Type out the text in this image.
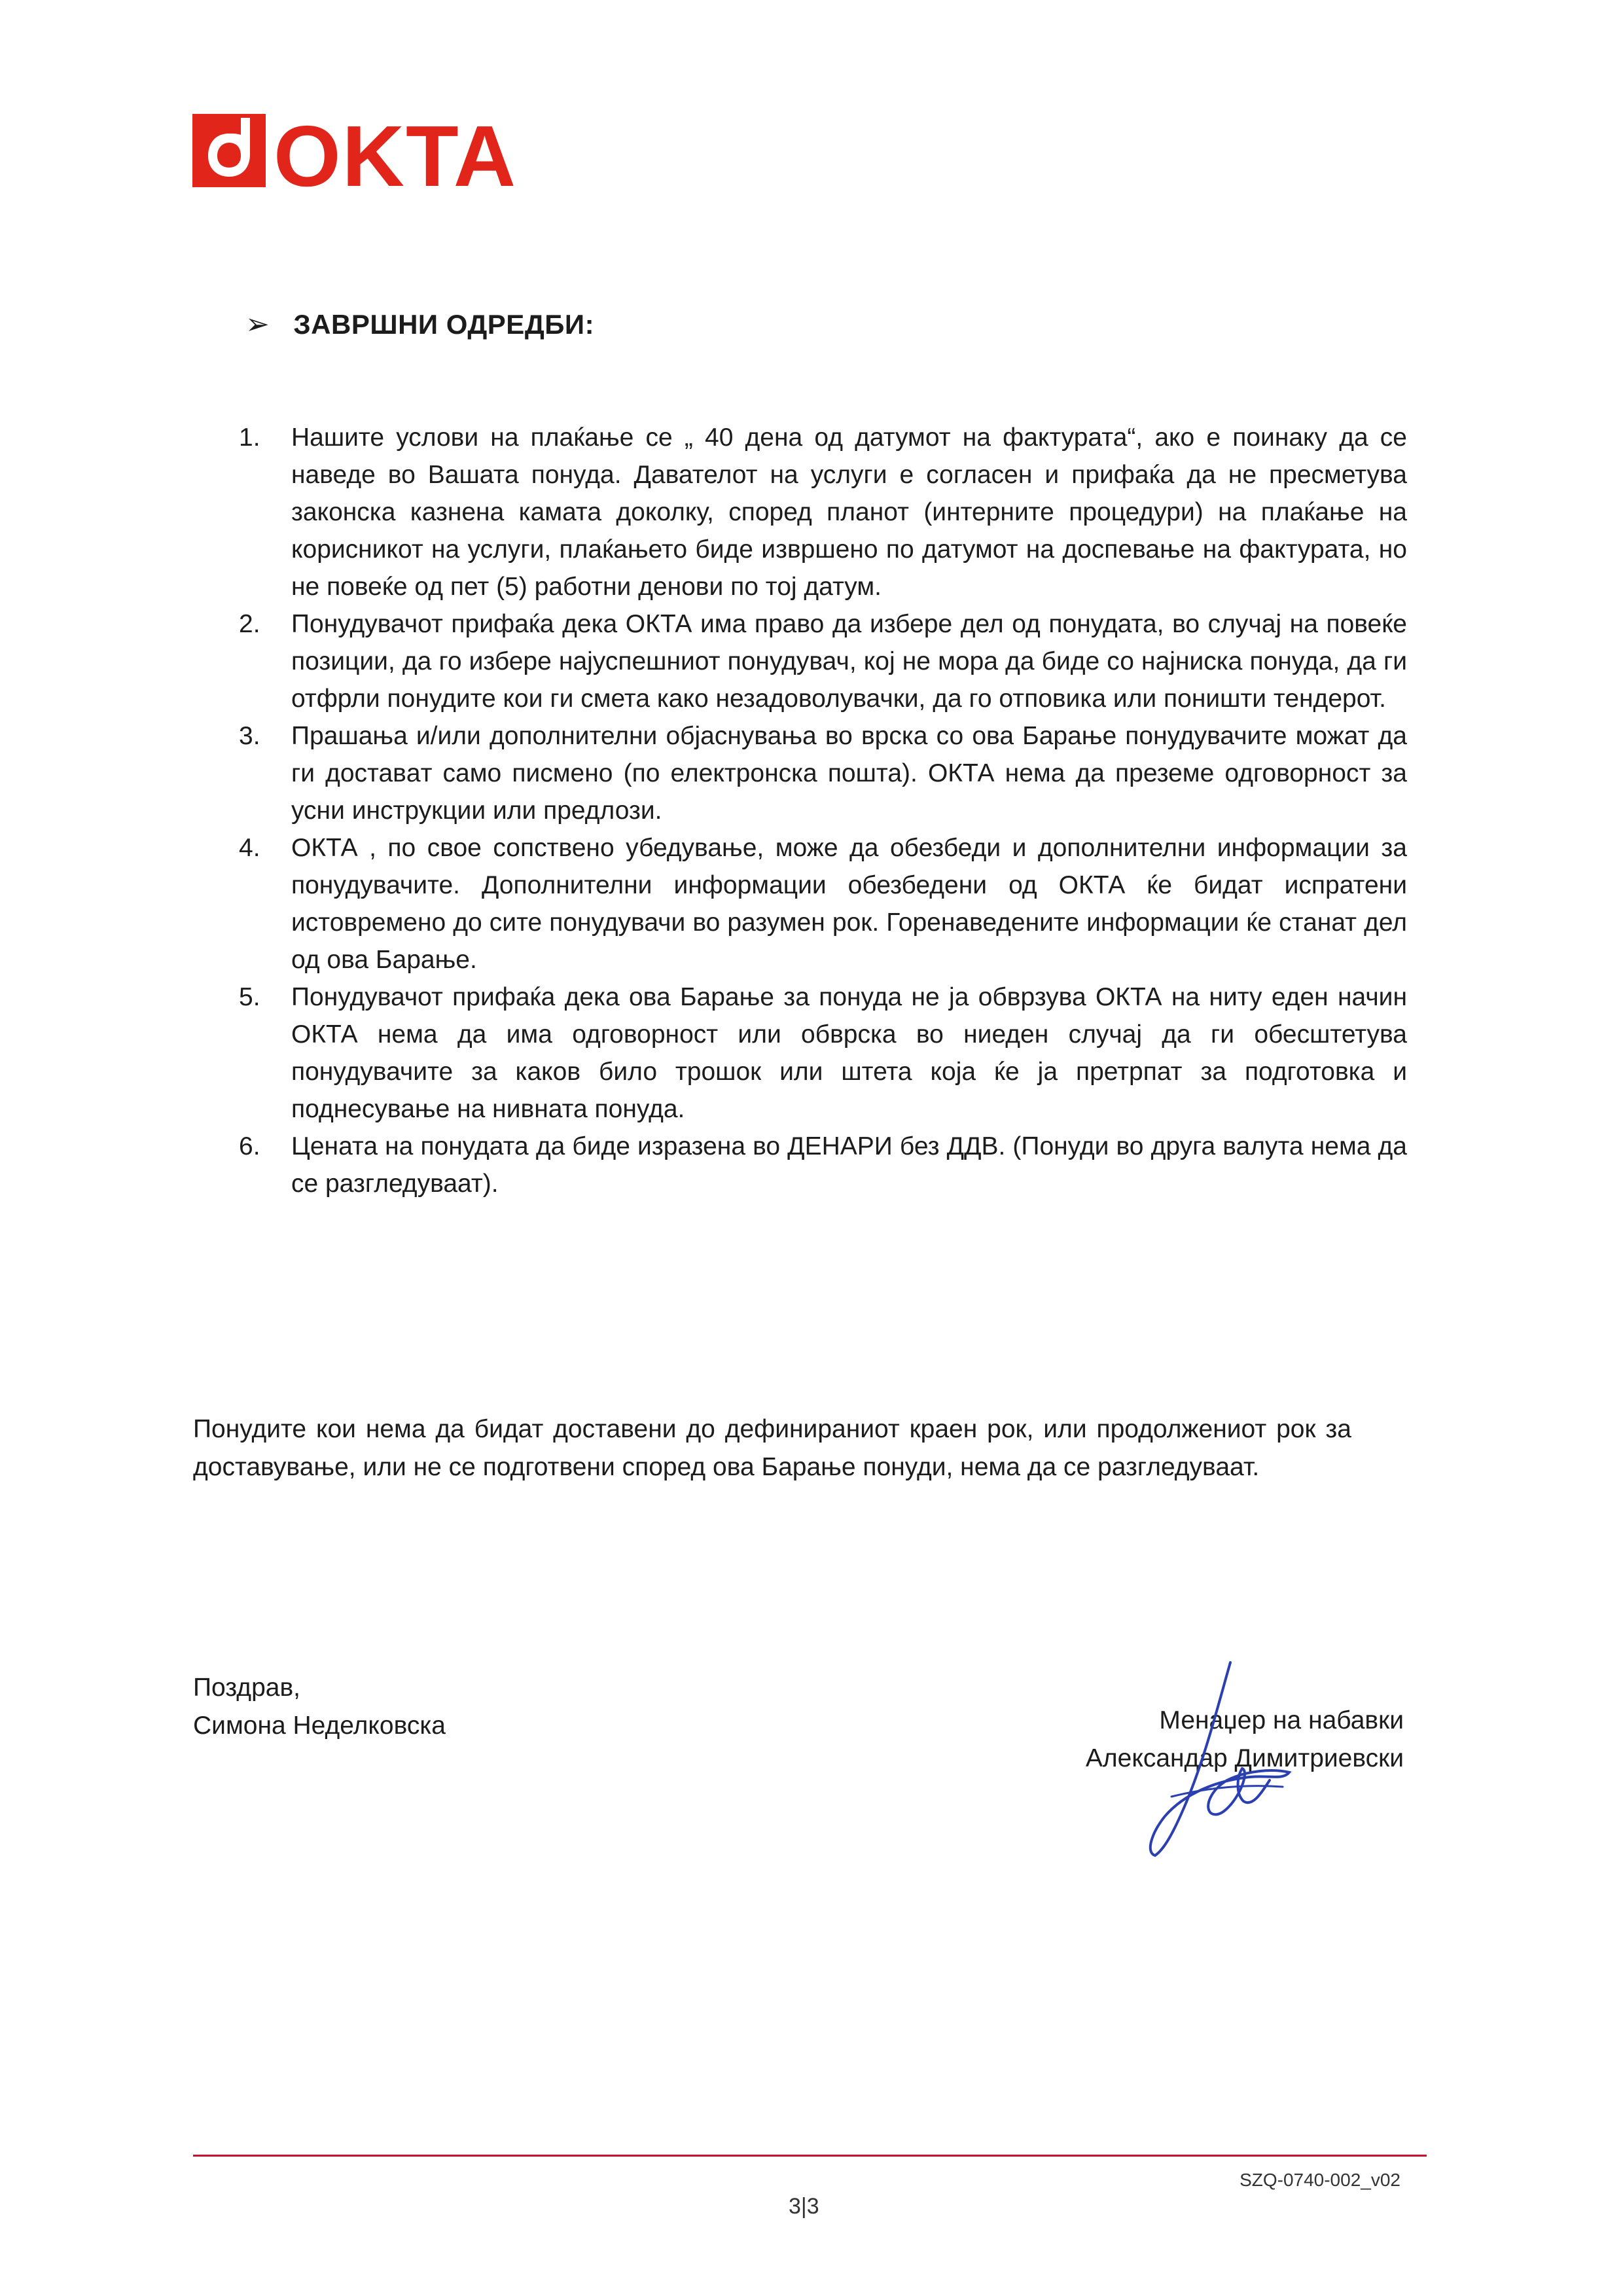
OKTA
➢ ЗАВРШНИ ОДРЕДБИ:
1. Нашите услови на плаќање се „ 40 дена од датумот на фактурата“, ако е поинаку да се наведе во Вашата понуда. Давателот на услуги е согласен и прифаќа да не пресметува законска казнена камата доколку, според планот (интерните процедури) на плаќање на корисникот на услуги, плаќањето биде извршено по датумот на доспевање на фактурата, но не повеќе од пет (5) работни денови по тој датум.
2. Понудувачот прифаќа дека ОКТА има право да избере дел од понудата, во случај на повеќе позиции, да го избере најуспешниот понудувач, кој не мора да биде со најниска понуда, да ги отфрли понудите кои ги смета како незадоволувачки, да го отповика или поништи тендерот.
3. Прашања и/или дополнителни објаснувања во врска со ова Барање понудувачите можат да ги доставaт само писмено (по електронска пошта). ОКТА нема да преземе одговорност за усни инструкции или предлози.
4. ОКТА , по свое сопствено убедување, може да обезбеди и дополнителни информации за понудувачите. Дополнителни информации обезбедени од ОКТА ќе бидат испратени истовремено до сите понудувачи во разумен рок. Горенаведените информации ќе станат дел од ова Барање.
5. Понудувачот прифаќа дека ова Барање за понуда не ја обврзува ОКТА на ниту еден начин ОКТА нема да има одговорност или обврска во ниеден случај да ги обесштетува понудувачите за каков било трошок или штета која ќе ја претрпат за подготовка и поднесување на нивната понуда.
6. Цената на понудата да биде изразена во ДЕНАРИ без ДДВ. (Понуди во друга валута нема да се разгледуваат).
Понудите кои нема да бидат доставени до дефинираниот краен рок, или продолжениот рок за доставување, или не се подготвени според ова Барање понуди, нема да се разгледуваат.
Поздрав,
Симона Неделковска	Менаџер на набавки
Александар Димитриевски
SZQ-0740-002_v02
3|3
